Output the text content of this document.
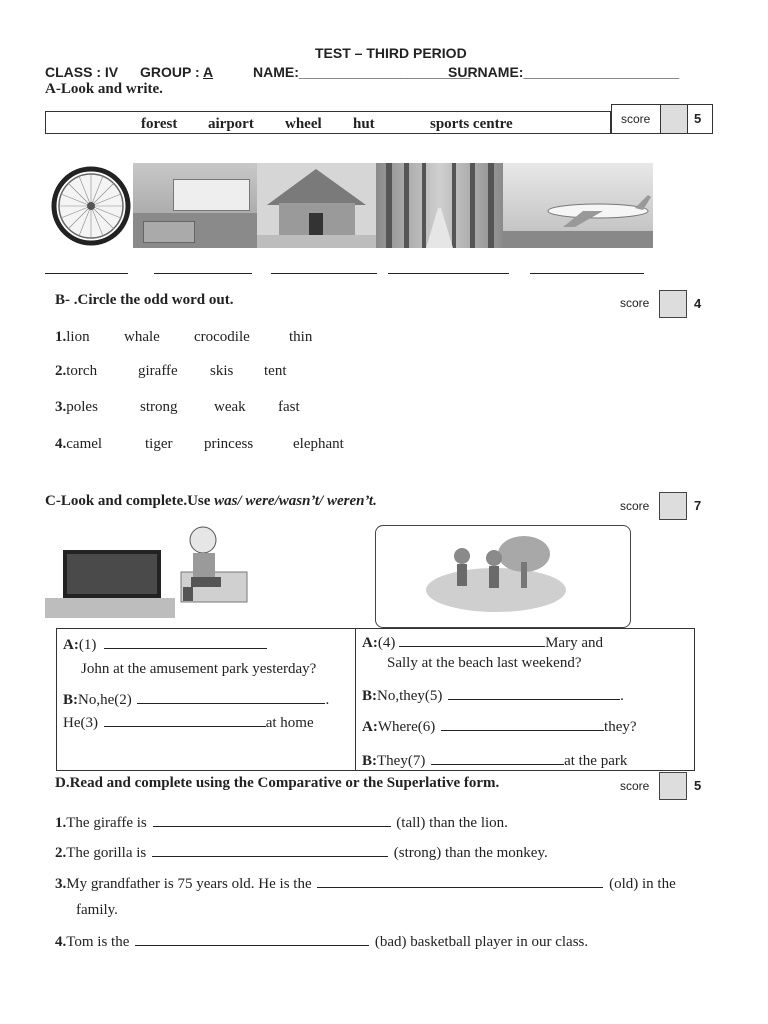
TEST – THIRD PERIOD
CLASS : IV GROUP : A	NAME:______________________
SURNAME:____________________
A-Look and write.
forest airport wheel hut	sports centre	score	5
B- .Circle the odd word out.	score	4
1.lion whale crocodile	thin
2.torch	giraffe skis tent
3.poles	strong weak fast
4.camel	tiger princess	elephant
C-Look and complete.Use was/ were/wasn’t/ weren’t.	score	7
A:(1)
John at the amusement park yesterday?
B:No,he(2)	.
He(3)	at home
A:(4)	Mary and
Sally at the beach last weekend?
B:No,they(5)	.
A:Where(6)	they?
B:They(7)	at the park
D.Read and complete using the Comparative or the Superlative form.	score	5
1.The giraffe is	(tall) than the lion.
2.The gorilla is	(strong) than the monkey.
3.My grandfather is 75 years old. He is the	(old) in the
family.
4.Tom is the	(bad) basketball player in our class.
